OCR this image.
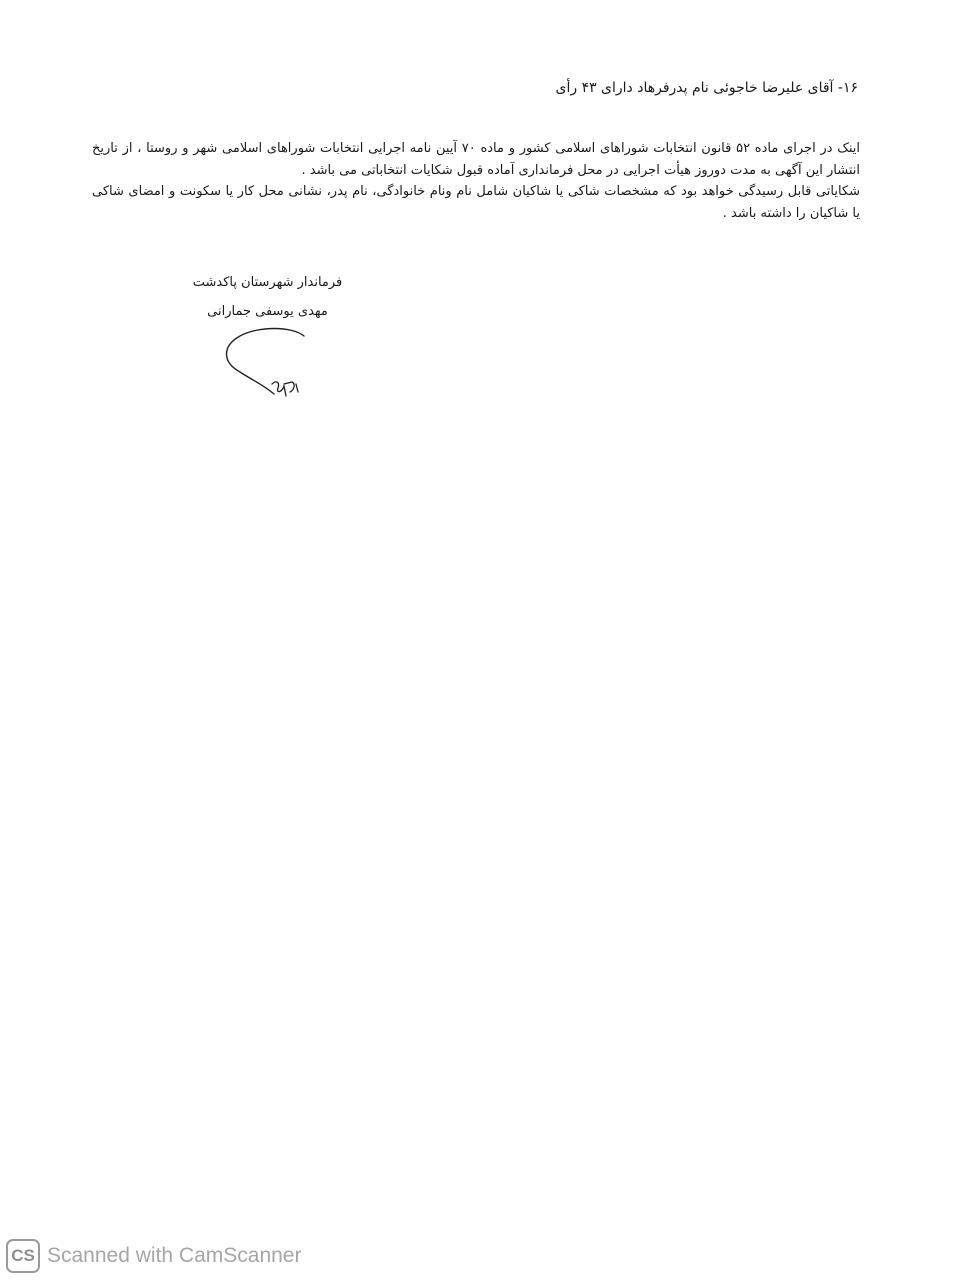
۱۶- آقای علیرضا خاجوئی نام پدرفرهاد دارای ۴۳ رأی

اینک در اجرای ماده ۵۲ قانون انتخابات شوراهای اسلامی کشور و ماده ۷۰ آیین نامه اجرایی انتخابات شوراهای اسلامی شهر و روستا ، از تاریخ انتشار این آگهی به مدت دوروز هیأت اجرایی در محل فرمانداری آماده قبول شکایات انتخاباتی می باشد .

شکایاتی قابل رسیدگی خواهد بود که مشخصات شاکی یا شاکیان شامل نام ونام خانوادگی، نام پدر، نشانی محل کار یا سکونت و امضای شاکی یا شاکیان را داشته باشد .

فرماندار شهرستان پاکدشت
مهدی یوسفی جمارانی
CS Scanned with CamScanner
